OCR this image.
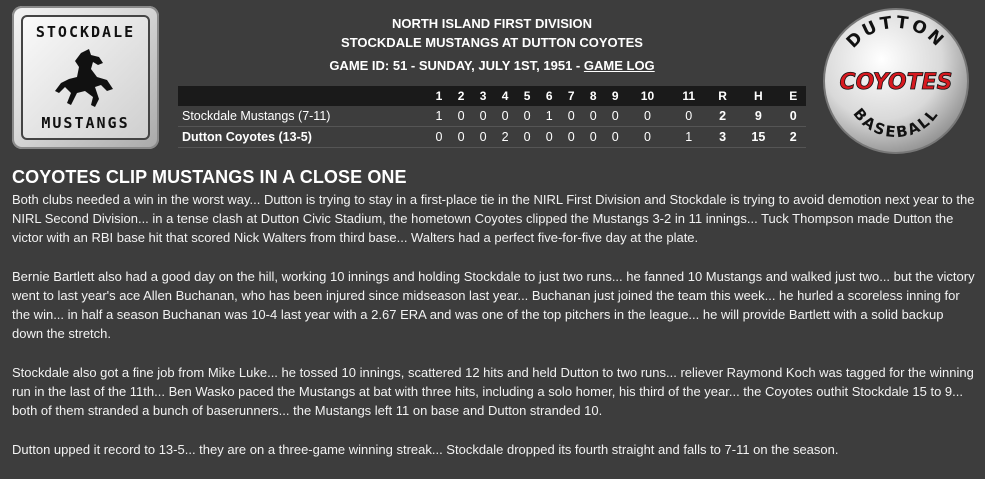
STOCKDALE
MUSTANGS
DUTTON
COYOTES
BASEBALL
NORTH ISLAND FIRST DIVISION
STOCKDALE MUSTANGS AT DUTTON COYOTES
GAME ID: 51 - SUNDAY, JULY 1ST, 1951 - GAME LOG
	1	2	3	4	5	6	7	8	9	10	11	R	H	E
Stockdale Mustangs (7-11)	1	0	0	0	0	1	0	0	0	0	0	2	9	0
Dutton Coyotes (13-5)	0	0	0	2	0	0	0	0	0	0	1	3	15	2
COYOTES CLIP MUSTANGS IN A CLOSE ONE

Both clubs needed a win in the worst way... Dutton is trying to stay in a first-place tie in the NIRL First Division and Stockdale is trying to avoid demotion next year to the NIRL Second Division... in a tense clash at Dutton Civic Stadium, the hometown Coyotes clipped the Mustangs 3-2 in 11 innings... Tuck Thompson made Dutton the victor with an RBI base hit that scored Nick Walters from third base... Walters had a perfect five-for-five day at the plate.

Bernie Bartlett also had a good day on the hill, working 10 innings and holding Stockdale to just two runs... he fanned 10 Mustangs and walked just two... but the victory went to last year's ace Allen Buchanan, who has been injured since midseason last year... Buchanan just joined the team this week... he hurled a scoreless inning for the win... in half a season Buchanan was 10-4 last year with a 2.67 ERA and was one of the top pitchers in the league... he will provide Bartlett with a solid backup down the stretch.

Stockdale also got a fine job from Mike Luke... he tossed 10 innings, scattered 12 hits and held Dutton to two runs... reliever Raymond Koch was tagged for the winning run in the last of the 11th... Ben Wasko paced the Mustangs at bat with three hits, including a solo homer, his third of the year... the Coyotes outhit Stockdale 15 to 9... both of them stranded a bunch of baserunners... the Mustangs left 11 on base and Dutton stranded 10.

Dutton upped it record to 13-5... they are on a three-game winning streak... Stockdale dropped its fourth straight and falls to 7-11 on the season.
